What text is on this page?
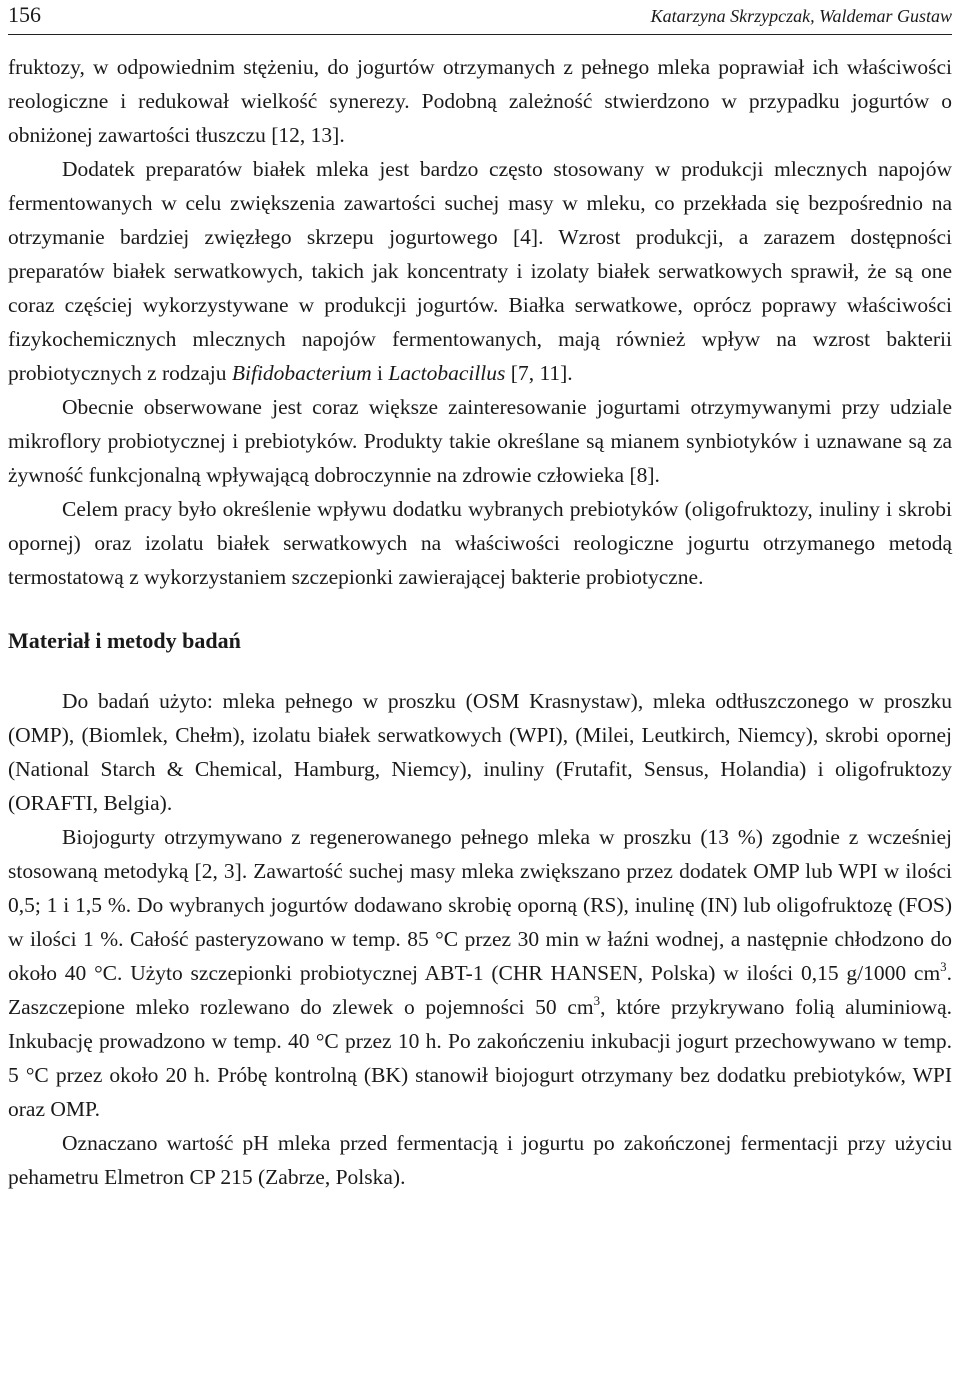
156	Katarzyna Skrzypczak, Waldemar Gustaw

fruktozy, w odpowiednim stężeniu, do jogurtów otrzymanych z pełnego mleka poprawiał ich właściwości reologiczne i redukował wielkość synerezy. Podobną zależność stwierdzono w przypadku jogurtów o obniżonej zawartości tłuszczu [12, 13].

Dodatek preparatów białek mleka jest bardzo często stosowany w produkcji mlecznych napojów fermentowanych w celu zwiększenia zawartości suchej masy w mleku, co przekłada się bezpośrednio na otrzymanie bardziej zwięzłego skrzepu jogurtowego [4]. Wzrost produkcji, a zarazem dostępności preparatów białek serwatkowych, takich jak koncentraty i izolaty białek serwatkowych sprawił, że są one coraz częściej wykorzystywane w produkcji jogurtów. Białka serwatkowe, oprócz poprawy właściwości fizykochemicznych mlecznych napojów fermentowanych, mają również wpływ na wzrost bakterii probiotycznych z rodzaju Bifidobacterium i Lactobacillus [7, 11].

Obecnie obserwowane jest coraz większe zainteresowanie jogurtami otrzymywanymi przy udziale mikroflory probiotycznej i prebiotyków. Produkty takie określane są mianem synbiotyków i uznawane są za żywność funkcjonalną wpływającą dobroczynnie na zdrowie człowieka [8].

Celem pracy było określenie wpływu dodatku wybranych prebiotyków (oligofruktozy, inuliny i skrobi opornej) oraz izolatu białek serwatkowych na właściwości reologiczne jogurtu otrzymanego metodą termostatową z wykorzystaniem szczepionki zawierającej bakterie probiotyczne.

Materiał i metody badań

Do badań użyto: mleka pełnego w proszku (OSM Krasnystaw), mleka odtłuszczonego w proszku (OMP), (Biomlek, Chełm), izolatu białek serwatkowych (WPI), (Milei, Leutkirch, Niemcy), skrobi opornej (National Starch & Chemical, Hamburg, Niemcy), inuliny (Frutafit, Sensus, Holandia) i oligofruktozy (ORAFTI, Belgia).

Biojogurty otrzymywano z regenerowanego pełnego mleka w proszku (13 %) zgodnie z wcześniej stosowaną metodyką [2, 3]. Zawartość suchej masy mleka zwiększano przez dodatek OMP lub WPI w ilości 0,5; 1 i 1,5 %. Do wybranych jogurtów dodawano skrobię oporną (RS), inulinę (IN) lub oligofruktozę (FOS) w ilości 1 %. Całość pasteryzowano w temp. 85 °C przez 30 min w łaźni wodnej, a następnie chłodzono do około 40 °C. Użyto szczepionki probiotycznej ABT-1 (CHR HANSEN, Polska) w ilości 0,15 g/1000 $cm^3$. Zaszczepione mleko rozlewano do zlewek o pojemności 50 $cm^3$, które przykrywano folią aluminiową. Inkubację prowadzono w temp. 40 °C przez 10 h. Po zakończeniu inkubacji jogurt przechowywano w temp. 5 °C przez około 20 h. Próbę kontrolną (BK) stanowił biojogurt otrzymany bez dodatku prebiotyków, WPI oraz OMP.

Oznaczano wartość pH mleka przed fermentacją i jogurtu po zakończonej fermentacji przy użyciu pehametru Elmetron CP 215 (Zabrze, Polska).
